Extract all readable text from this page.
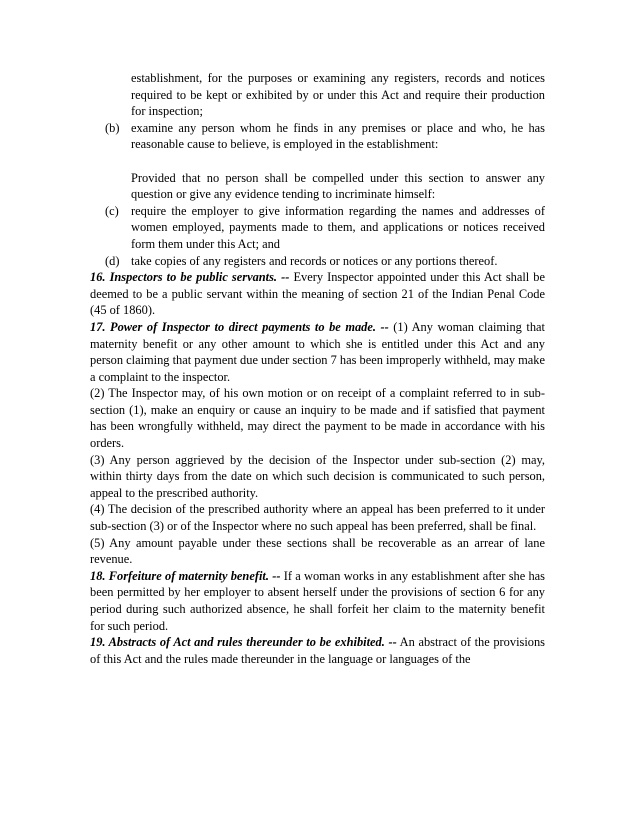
establishment, for the purposes or examining any registers, records and notices required to be kept or exhibited by or under this Act and require their production for inspection;
(b) examine any person whom he finds in any premises or place and who, he has reasonable cause to believe, is employed in the establishment:
Provided that no person shall be compelled under this section to answer any question or give any evidence tending to incriminate himself:
(c) require the employer to give information regarding the names and addresses of women employed, payments made to them, and applications or notices received form them under this Act; and
(d) take copies of any registers and records or notices or any portions thereof.

16. Inspectors to be public servants. -- Every Inspector appointed under this Act shall be deemed to be a public servant within the meaning of section 21 of the Indian Penal Code (45 of 1860).

17. Power of Inspector to direct payments to be made. -- (1) Any woman claiming that maternity benefit or any other amount to which she is entitled under this Act and any person claiming that payment due under section 7 has been improperly withheld, may make a complaint to the inspector.

(2) The Inspector may, of his own motion or on receipt of a complaint referred to in sub-section (1), make an enquiry or cause an inquiry to be made and if satisfied that payment has been wrongfully withheld, may direct the payment to be made in accordance with his orders.

(3) Any person aggrieved by the decision of the Inspector under sub-section (2) may, within thirty days from the date on which such decision is communicated to such person, appeal to the prescribed authority.

(4) The decision of the prescribed authority where an appeal has been preferred to it under sub-section (3) or of the Inspector where no such appeal has been preferred, shall be final.

(5) Any amount payable under these sections shall be recoverable as an arrear of lane revenue.

18. Forfeiture of maternity benefit. -- If a woman works in any establishment after she has been permitted by her employer to absent herself under the provisions of section 6 for any period during such authorized absence, he shall forfeit her claim to the maternity benefit for such period.

19. Abstracts of Act and rules thereunder to be exhibited. -- An abstract of the provisions of this Act and the rules made thereunder in the language or languages of the
